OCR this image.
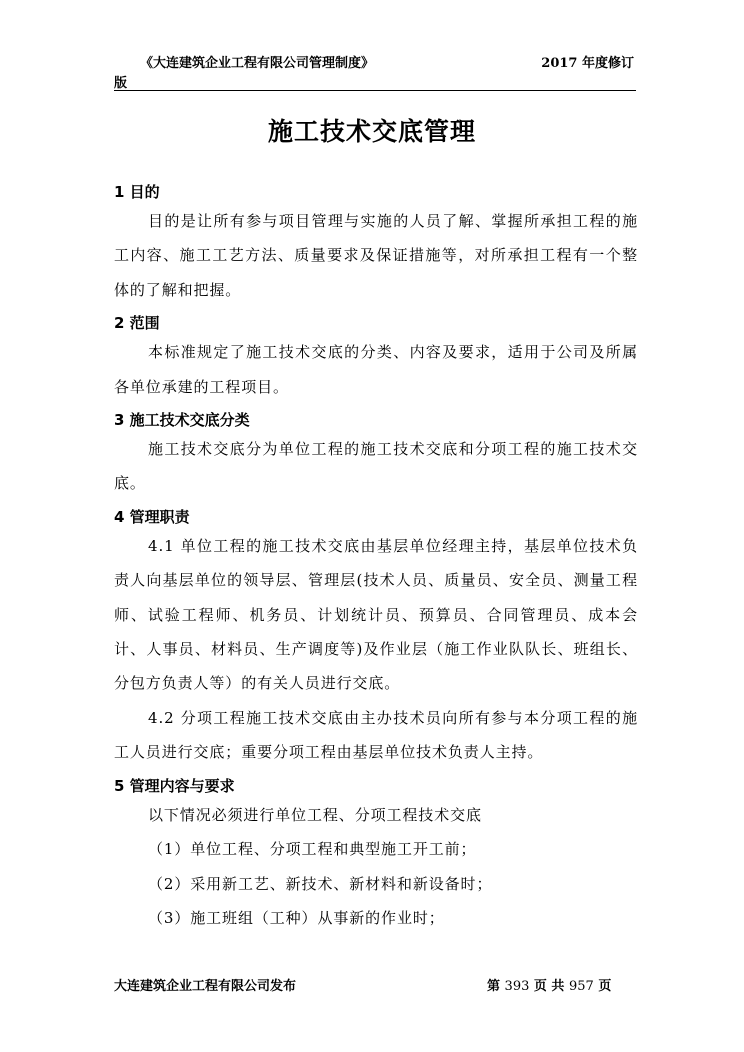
《大连建筑企业工程有限公司管理制度》	2017 年度修订
版
施工技术交底管理
1 目的

目的是让所有参与项目管理与实施的人员了解、掌握所承担工程的施工内容、施工工艺方法、质量要求及保证措施等，对所承担工程有一个整体的了解和把握。

2 范围

本标准规定了施工技术交底的分类、内容及要求，适用于公司及所属各单位承建的工程项目。

3 施工技术交底分类

施工技术交底分为单位工程的施工技术交底和分项工程的施工技术交底。

4 管理职责

4.1 单位工程的施工技术交底由基层单位经理主持，基层单位技术负责人向基层单位的领导层、管理层(技术人员、质量员、安全员、测量工程师、试验工程师、机务员、计划统计员、预算员、合同管理员、成本会计、人事员、材料员、生产调度等)及作业层（施工作业队队长、班组长、分包方负责人等）的有关人员进行交底。

4.2 分项工程施工技术交底由主办技术员向所有参与本分项工程的施工人员进行交底；重要分项工程由基层单位技术负责人主持。

5 管理内容与要求

以下情况必须进行单位工程、分项工程技术交底

（1）单位工程、分项工程和典型施工开工前；

（2）采用新工艺、新技术、新材料和新设备时；

（3）施工班组（工种）从事新的作业时；

大连建筑企业工程有限公司发布	第 393 页 共 957 页
